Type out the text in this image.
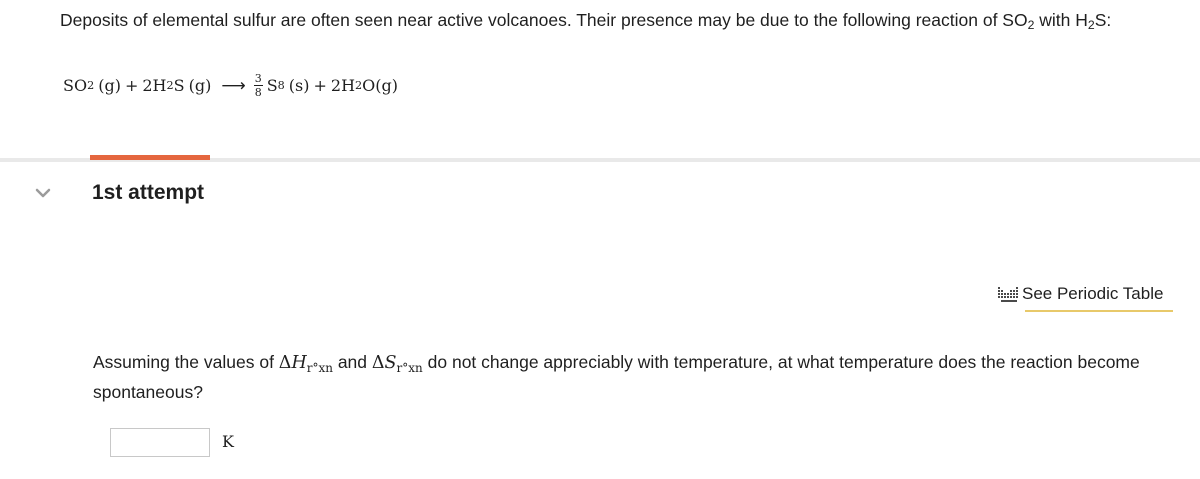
Deposits of elemental sulfur are often seen near active volcanoes. Their presence may be due to the following reaction of $SO_2$ with $H_2S$:
SO 2 (g) + 2H 2 S (g) ⟶ $\frac{3}{8}$ S 8 (s) + 2H 2 O (g)
1st attempt
See Periodic Table
Assuming the values of $\Delta H_{r^\circ xn}$ and $\Delta S_{r^\circ xn}$ do not change appreciably with temperature, at what temperature does the reaction become spontaneous?
K
